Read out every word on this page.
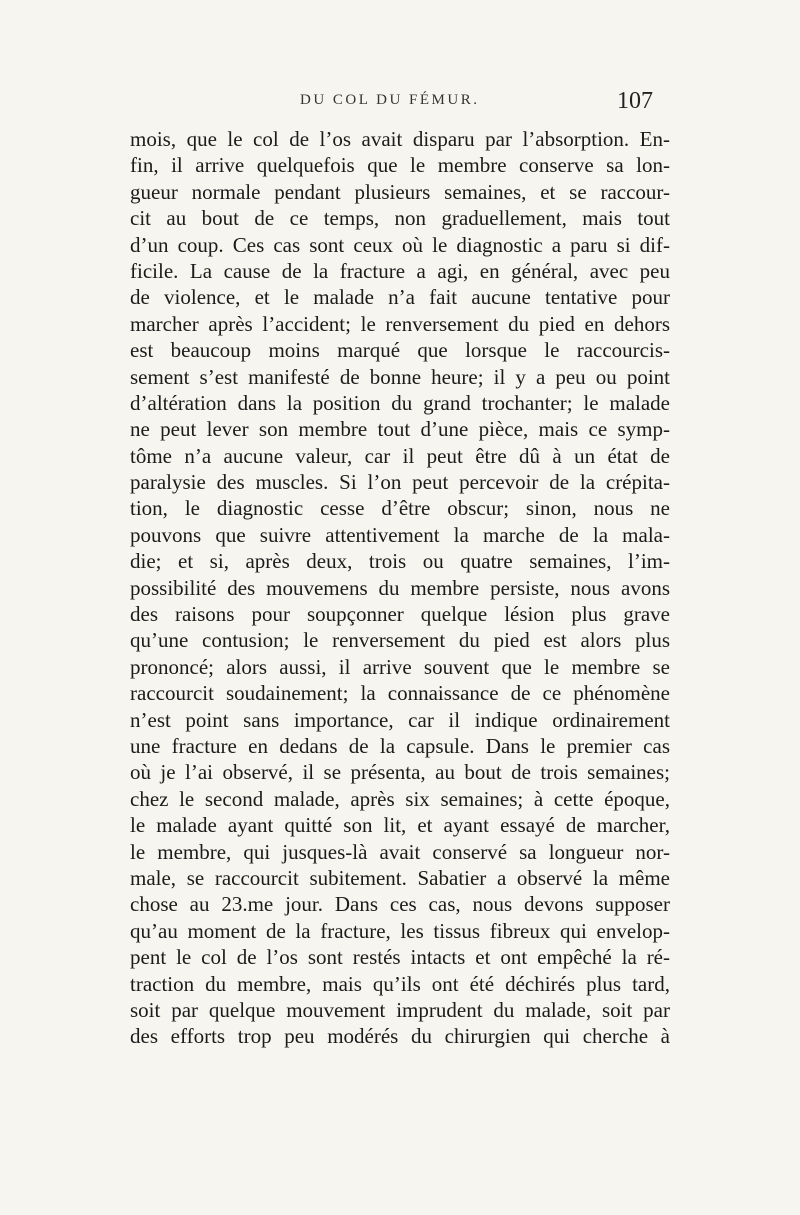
DU COL DU FÉMUR.	107
mois, que le col de l’os avait disparu par l’absorption. En-
fin, il arrive quelquefois que le membre conserve sa lon-
gueur normale pendant plusieurs semaines, et se raccour-
cit au bout de ce temps, non graduellement, mais tout
d’un coup. Ces cas sont ceux où le diagnostic a paru si dif-
ficile. La cause de la fracture a agi, en général, avec peu
de violence, et le malade n’a fait aucune tentative pour
marcher après l’accident; le renversement du pied en dehors
est beaucoup moins marqué que lorsque le raccourcis-
sement s’est manifesté de bonne heure; il y a peu ou point
d’altération dans la position du grand trochanter; le malade
ne peut lever son membre tout d’une pièce, mais ce symp-
tôme n’a aucune valeur, car il peut être dû à un état de
paralysie des muscles. Si l’on peut percevoir de la crépita-
tion, le diagnostic cesse d’être obscur; sinon, nous ne
pouvons que suivre attentivement la marche de la mala-
die; et si, après deux, trois ou quatre semaines, l’im-
possibilité des mouvemens du membre persiste, nous avons
des raisons pour soupçonner quelque lésion plus grave
qu’une contusion; le renversement du pied est alors plus
prononcé; alors aussi, il arrive souvent que le membre se
raccourcit soudainement; la connaissance de ce phénomène
n’est point sans importance, car il indique ordinairement
une fracture en dedans de la capsule. Dans le premier cas
où je l’ai observé, il se présenta, au bout de trois semaines;
chez le second malade, après six semaines; à cette époque,
le malade ayant quitté son lit, et ayant essayé de marcher,
le membre, qui jusques-là avait conservé sa longueur nor-
male, se raccourcit subitement. Sabatier a observé la même
chose au 23.me jour. Dans ces cas, nous devons supposer
qu’au moment de la fracture, les tissus fibreux qui envelop-
pent le col de l’os sont restés intacts et ont empêché la ré-
traction du membre, mais qu’ils ont été déchirés plus tard,
soit par quelque mouvement imprudent du malade, soit par
des efforts trop peu modérés du chirurgien qui cherche à
